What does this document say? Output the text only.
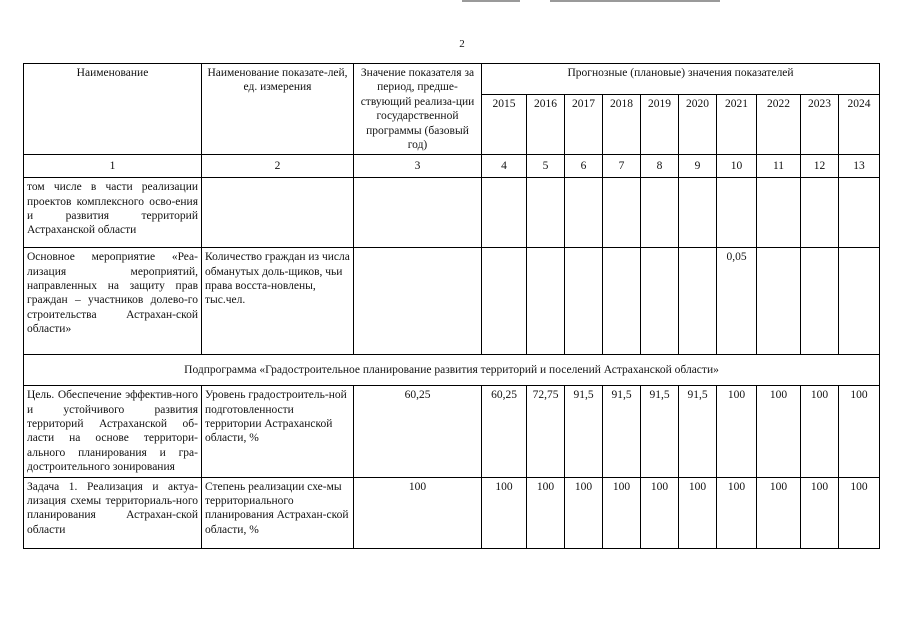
2
Наименование	Наименование показате-лей, ед. измерения	Значение показателя за период, предше-ствующий реализа-ции государственной программы (базовый год)	Прогнозные (плановые) значения показателей									
			2015	2016	2017	2018	2019	2020	2021	2022	2023	2024
1	2	3	4	5	6	7	8	9	10	11	12	13
том числе в части реализации проектов комплексного осво-ения и развития территорий Астраханской области												
Основное мероприятие «Реа-лизация мероприятий, направленных на защиту прав граждан – участников долево-го строительства Астрахан-ской области»	Количество граждан из числа обманутых доль-щиков, чьи права восста-новлены, тыс.чел.								0,05			
Подпрограмма «Градостроительное планирование развития территорий и поселений Астраханской области»												
Цель. Обеспечение эффектив-ного и устойчивого развития территорий Астраханской об-ласти на основе территори-ального планирования и гра-достроительного зонирования	Уровень градостроитель-ной подготовленности территории Астраханской области, %	60,25	60,25	72,75	91,5	91,5	91,5	91,5	100	100	100	100
Задача 1. Реализация и актуа-лизация схемы территориаль-ного планирования Астрахан-ской области	Степень реализации схе-мы территориального планирования Астрахан-ской области, %	100	100	100	100	100	100	100	100	100	100	100
